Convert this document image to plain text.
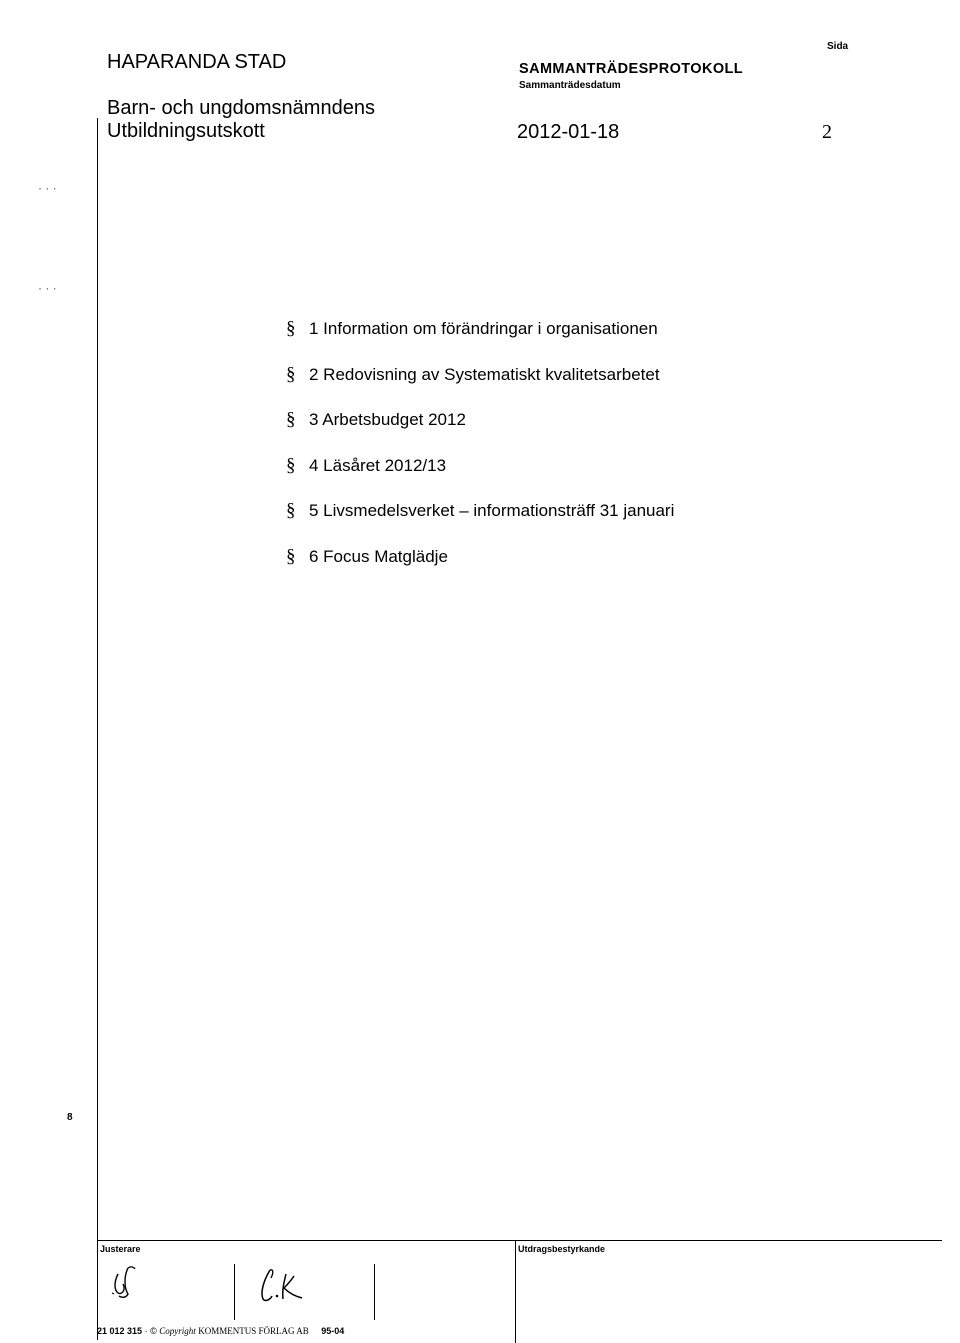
HAPARANDA STAD
Barn- och ungdomsnämndens
Utbildningsutskott
SAMMANTRÄDESPROTOKOLL
Sammanträdesdatum
2012-01-18
Sida
2
· · ·
· · ·
§ 1 Information om förändringar i organisationen
§ 2 Redovisning av Systematiskt kvalitetsarbetet
§ 3 Arbetsbudget 2012
§ 4 Läsåret 2012/13
§ 5 Livsmedelsverket – informationsträff 31 januari
§ 6 Focus Matglädje
8
Justerare	Utdragsbestyrkande
21 012 315 · © Copyright KOMMENTUS FÖRLAG AB 95-04
